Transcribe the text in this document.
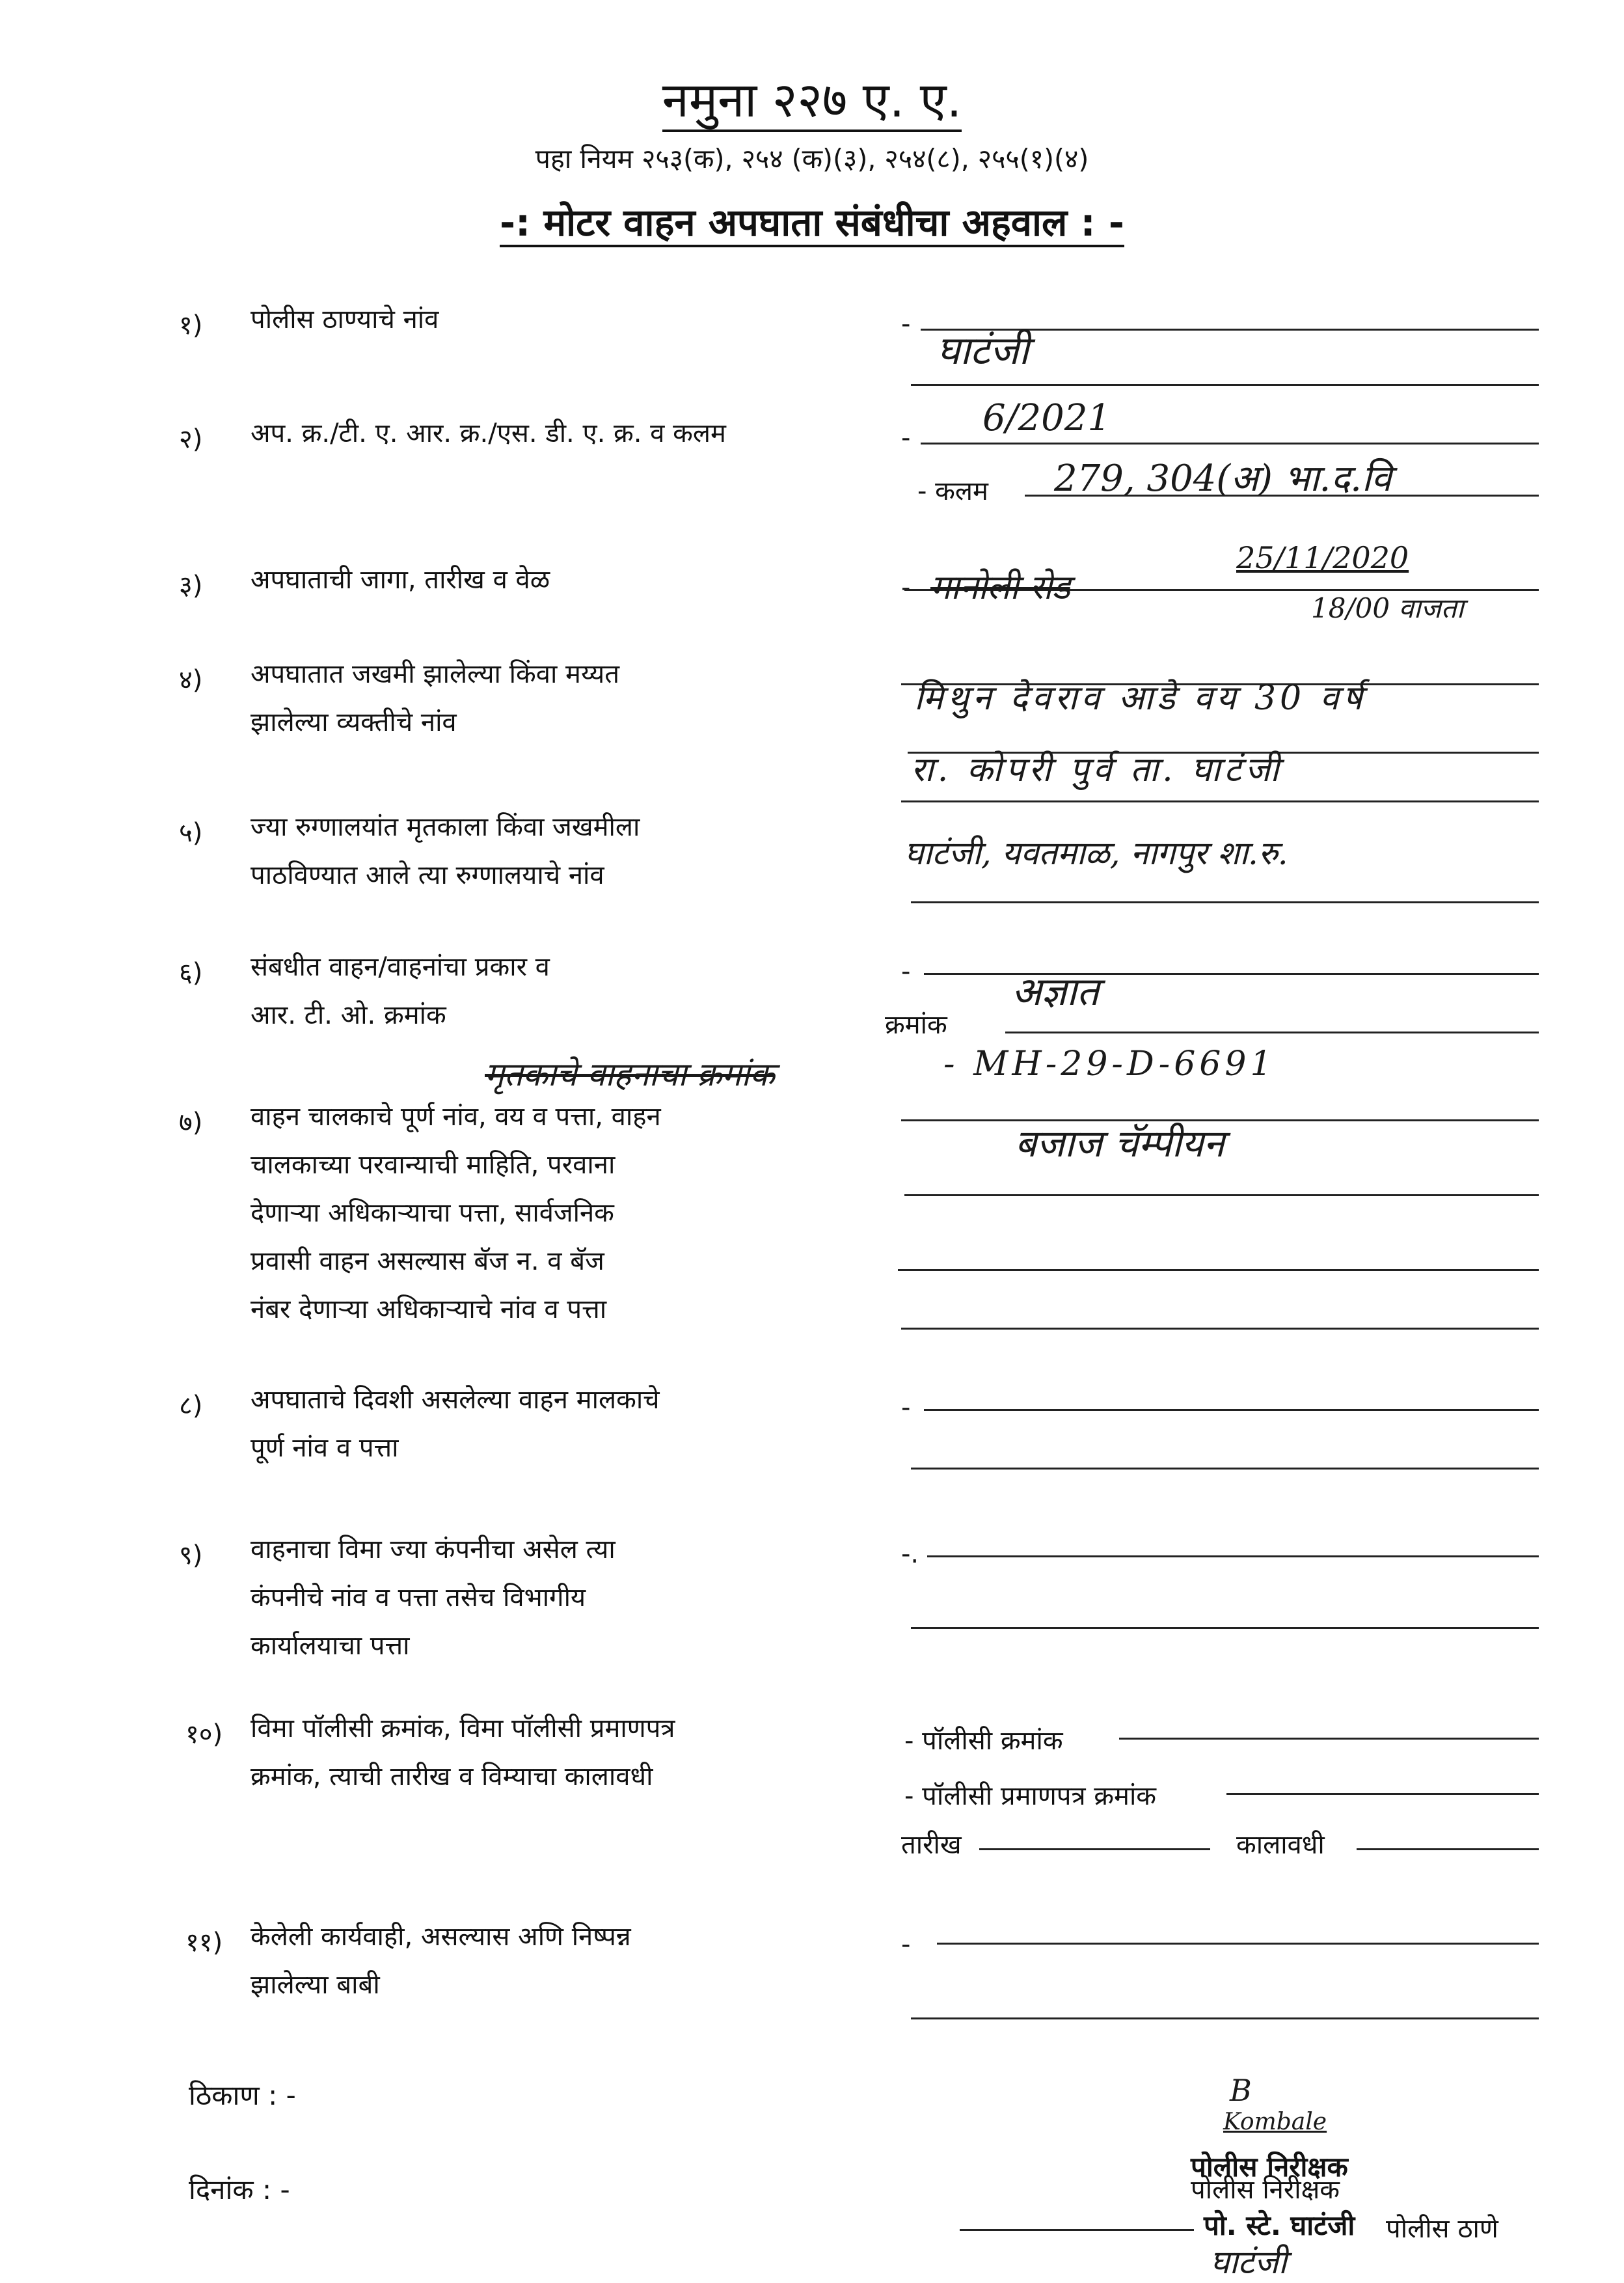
नमुना २२७ ए. ए.
पहा नियम २५३(क), २५४ (क)(३), २५४(८), २५५(१)(४)
-: मोटर वाहन अपघाता संबंधीचा अहवाल : -
१) पोलीस ठाण्याचे नांव
२) अप. क्र./टी. ए. आर. क्र./एस. डी. ए. क्र. व कलम
३) अपघाताची जागा, तारीख व वेळ
४) अपघातात जखमी झालेल्या किंवा मय्यत
झालेल्या व्यक्तीचे नांव
५) ज्या रुग्णालयांत मृतकाला किंवा जखमीला
पाठविण्यात आले त्या रुग्णालयाचे नांव
६) संबधीत वाहन/वाहनांचा प्रकार व
आर. टी. ओ. क्रमांक
७) वाहन चालकाचे पूर्ण नांव, वय व पत्ता, वाहन
चालकाच्या परवान्याची माहिति, परवाना
देणाऱ्या अधिकाऱ्याचा पत्ता, सार्वजनिक
प्रवासी वाहन असल्यास बॅज न. व बॅज
नंबर देणाऱ्या अधिकाऱ्याचे नांव व पत्ता
८) अपघाताचे दिवशी असलेल्या वाहन मालकाचे
पूर्ण नांव व पत्ता
९) वाहनाचा विमा ज्या कंपनीचा असेल त्या
कंपनीचे नांव व पत्ता तसेच विभागीय
कार्यालयाचा पत्ता
१०) विमा पॉलीसी क्रमांक, विमा पॉलीसी प्रमाणपत्र
क्रमांक, त्याची तारीख व विम्याचा कालावधी
११) केलेली कार्यवाही, असल्यास अणि निष्पन्न
झालेल्या बाबी
-
-
- कलम
-
-
क्रमांक
-
-.
- पॉलीसी क्रमांक
- पॉलीसी प्रमाणपत्र क्रमांक
तारीख	कालावधी
-
घाटंजी
6/2021
279, 304(अ) भा.द.वि
मानोली रोड
25/11/2020
18/00 वाजता
मिथुन देवराव आडे वय 30 वर्ष
रा. कोपरी पुर्व ता. घाटंजी
घाटंजी, यवतमाळ, नागपुर शा.रु.
अज्ञात
मृतकाचे वाहनाचा क्रमांक	- MH-29-D-6691
बजाज चॅम्पीयन
ठिकाण : -
दिनांक : -
B
Kombale
पोलीस निरीक्षक
पोलीस निरीक्षक
पो. स्टे. घाटंजी पोलीस ठाणे
घाटंजी
